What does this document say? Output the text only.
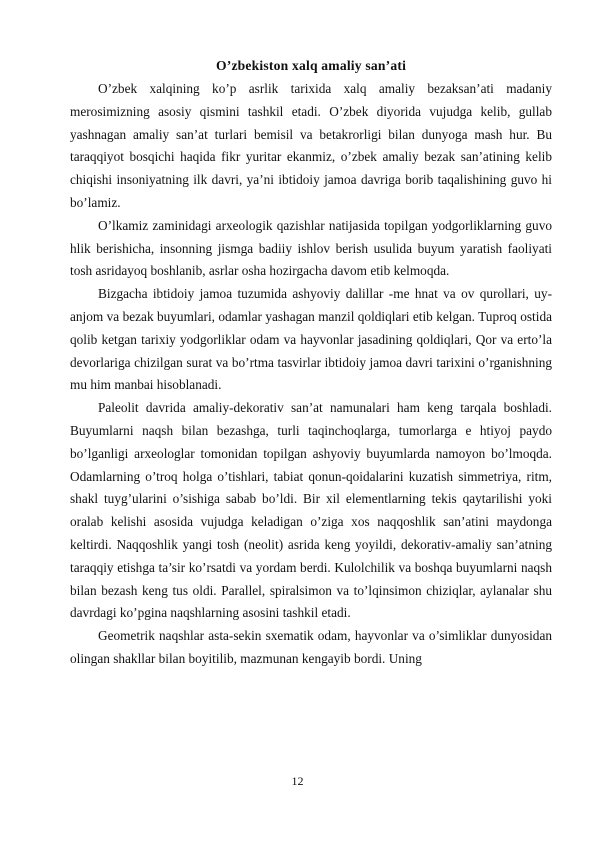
O’zbekiston xalq amaliy san’ati

O’zbek xalqining ko’p asrlik tarixida xalq amaliy bezaksan’ati madaniy merosimizning asosiy qismini tashkil etadi. O’zbek diyorida vujudga kelib, gullab yashnagan amaliy san’at turlari bemisil va betakrorligi bilan dunyoga mash hur. Bu taraqqiyot bosqichi haqida fikr yuritar ekanmiz, o’zbek amaliy bezak san’atining kelib chiqishi insoniyatning ilk davri, ya’ni ibtidoiy jamoa davriga borib taqalishining guvo hi bo’lamiz.

O’lkamiz zaminidagi arxeologik qazishlar natijasida topilgan yodgorliklarning guvo hlik berishicha, insonning jismga badiiy ishlov berish usulida buyum yaratish faoliyati tosh asridayoq boshlanib, asrlar osha hozirgacha davom etib kelmoqda.

Bizgacha ibtidoiy jamoa tuzumida ashyoviy dalillar -me hnat va ov qurollari, uy-anjom va bezak buyumlari, odamlar yashagan manzil qoldiqlari etib kelgan. Tuproq ostida qolib ketgan tarixiy yodgorliklar odam va hayvonlar jasadining qoldiqlari, Qor va erto’la devorlariga chizilgan surat va bo’rtma tasvirlar ibtidoiy jamoa davri tarixini o’rganishning mu him manbai hisoblanadi.

Paleolit davrida amaliy-dekorativ san’at namunalari ham keng tarqala boshladi. Buyumlarni naqsh bilan bezashga, turli taqinchoqlarga, tumorlarga e htiyoj paydo bo’lganligi arxeologlar tomonidan topilgan ashyoviy buyumlarda namoyon bo’lmoqda. Odamlarning o’troq holga o’tishlari, tabiat qonun-qoidalarini kuzatish simmetriya, ritm, shakl tuyg’ularini o’sishiga sabab bo’ldi. Bir xil elementlarning tekis qaytarilishi yoki oralab kelishi asosida vujudga keladigan o’ziga xos naqqoshlik san’atini maydonga keltirdi. Naqqoshlik yangi tosh (neolit) asrida keng yoyildi, dekorativ-amaliy san’atning taraqqiy etishga ta’sir ko’rsatdi va yordam berdi. Kulolchilik va boshqa buyumlarni naqsh bilan bezash keng tus oldi. Parallel, spiralsimon va to’lqinsimon chiziqlar, aylanalar shu davrdagi ko’pgina naqshlarning asosini tashkil etadi.

Geometrik naqshlar asta-sekin sxematik odam, hayvonlar va o’simliklar dunyosidan olingan shakllar bilan boyitilib, mazmunan kengayib bordi. Uning

12
